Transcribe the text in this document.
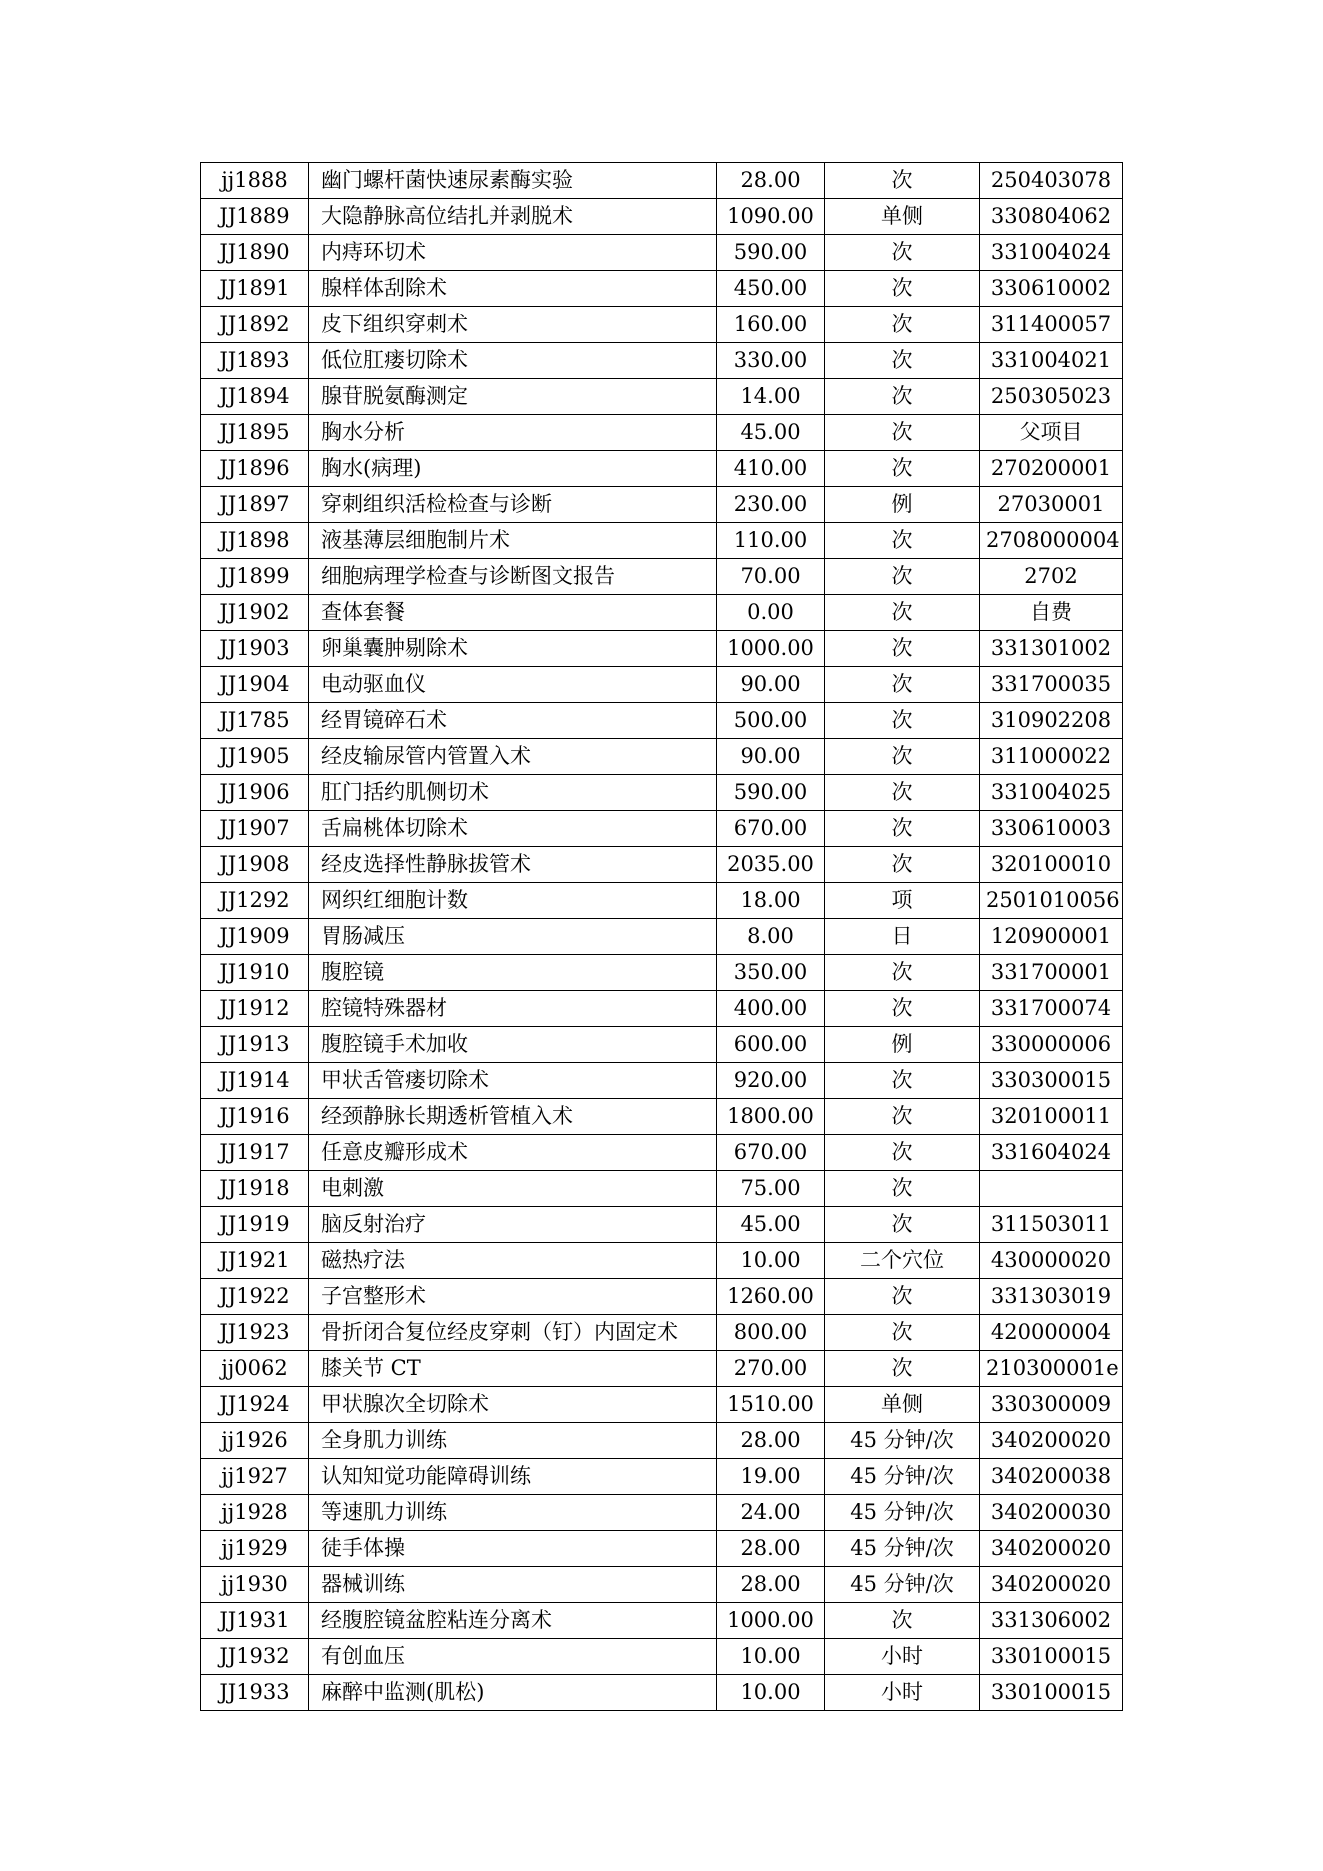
jj1888	幽门螺杆菌快速尿素酶实验	28.00	次	250403078
JJ1889	大隐静脉高位结扎并剥脱术	1090.00	单侧	330804062
JJ1890	内痔环切术	590.00	次	331004024
JJ1891	腺样体刮除术	450.00	次	330610002
JJ1892	皮下组织穿刺术	160.00	次	311400057
JJ1893	低位肛瘘切除术	330.00	次	331004021
JJ1894	腺苷脱氨酶测定	14.00	次	250305023
JJ1895	胸水分析	45.00	次	父项目
JJ1896	胸水(病理)	410.00	次	270200001
JJ1897	穿刺组织活检检查与诊断	230.00	例	27030001
JJ1898	液基薄层细胞制片术	110.00	次	2708000004
JJ1899	细胞病理学检查与诊断图文报告	70.00	次	2702
JJ1902	查体套餐	0.00	次	自费
JJ1903	卵巢囊肿剔除术	1000.00	次	331301002
JJ1904	电动驱血仪	90.00	次	331700035
JJ1785	经胃镜碎石术	500.00	次	310902208
JJ1905	经皮输尿管内管置入术	90.00	次	311000022
JJ1906	肛门括约肌侧切术	590.00	次	331004025
JJ1907	舌扁桃体切除术	670.00	次	330610003
JJ1908	经皮选择性静脉拔管术	2035.00	次	320100010
JJ1292	网织红细胞计数	18.00	项	2501010056
JJ1909	胃肠减压	8.00	日	120900001
JJ1910	腹腔镜	350.00	次	331700001
JJ1912	腔镜特殊器材	400.00	次	331700074
JJ1913	腹腔镜手术加收	600.00	例	330000006
JJ1914	甲状舌管瘘切除术	920.00	次	330300015
JJ1916	经颈静脉长期透析管植入术	1800.00	次	320100011
JJ1917	任意皮瓣形成术	670.00	次	331604024
JJ1918	电刺激	75.00	次	
JJ1919	脑反射治疗	45.00	次	311503011
JJ1921	磁热疗法	10.00	二个穴位	430000020
JJ1922	子宫整形术	1260.00	次	331303019
JJ1923	骨折闭合复位经皮穿刺（钉）内固定术	800.00	次	420000004
jj0062	膝关节 CT	270.00	次	210300001e
JJ1924	甲状腺次全切除术	1510.00	单侧	330300009
jj1926	全身肌力训练	28.00	45 分钟/次	340200020
jj1927	认知知觉功能障碍训练	19.00	45 分钟/次	340200038
jj1928	等速肌力训练	24.00	45 分钟/次	340200030
jj1929	徒手体操	28.00	45 分钟/次	340200020
jj1930	器械训练	28.00	45 分钟/次	340200020
JJ1931	经腹腔镜盆腔粘连分离术	1000.00	次	331306002
JJ1932	有创血压	10.00	小时	330100015
JJ1933	麻醉中监测(肌松)	10.00	小时	330100015
